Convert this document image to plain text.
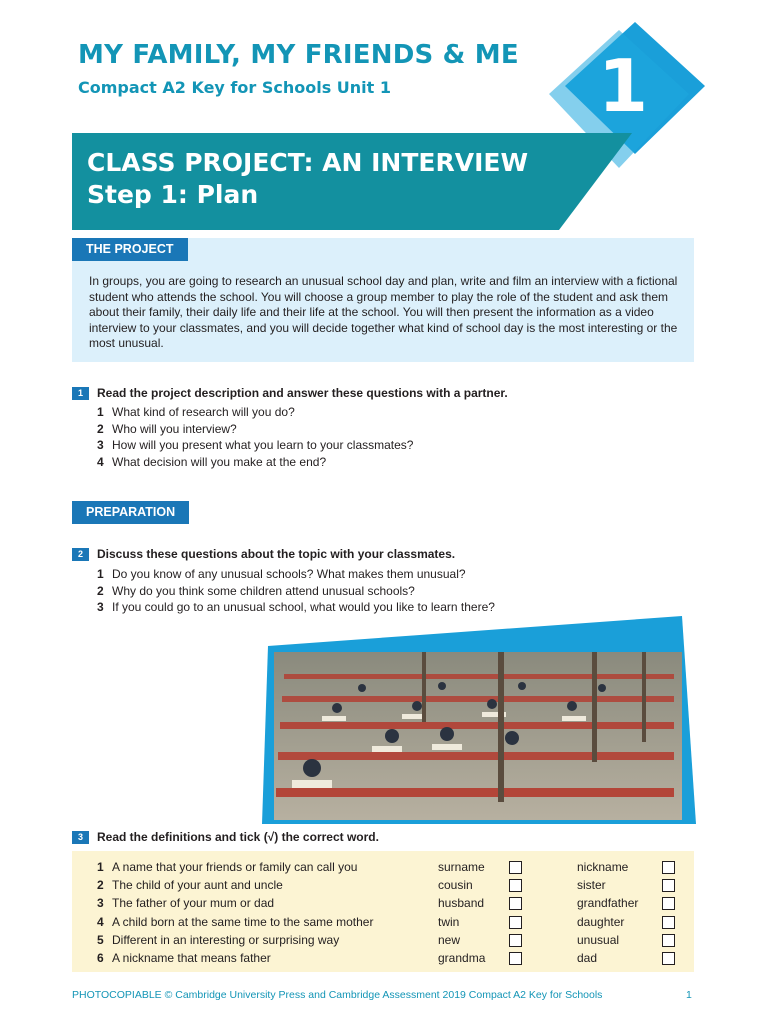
MY FAMILY, MY FRIENDS & ME
Compact A2 Key for Schools Unit 1	1
CLASS PROJECT: AN INTERVIEW
Step 1: Plan
THE PROJECT
In groups, you are going to research an unusual school day and plan, write and film an interview with a fictional student who attends the school. You will choose a group member to play the role of the student and ask them about their family, their daily life and their life at the school. You will then present the information as a video interview to your classmates, and you will decide together what kind of school day is the most interesting or the most unusual.
1	Read the project description and answer these questions with a partner.
1 What kind of research will you do?
2 Who will you interview?
3 How will you present what you learn to your classmates?
4 What decision will you make at the end?
PREPARATION
2	Discuss these questions about the topic with your classmates.
1 Do you know of any unusual schools? What makes them unusual?
2 Why do you think some children attend unusual schools?
3 If you could go to an unusual school, what would you like to learn there?
3	Read the definitions and tick (√) the correct word.
1 A name that your friends or family can call you	surname	nickname
2 The child of your aunt and uncle	cousin	sister
3 The father of your mum or dad	husband	grandfather
4 A child born at the same time to the same mother	twin	daughter
5 Different in an interesting or surprising way	new	unusual
6 A nickname that means father	grandma	dad
PHOTOCOPIABLE © Cambridge University Press and Cambridge Assessment 2019 Compact A2 Key for Schools	1
